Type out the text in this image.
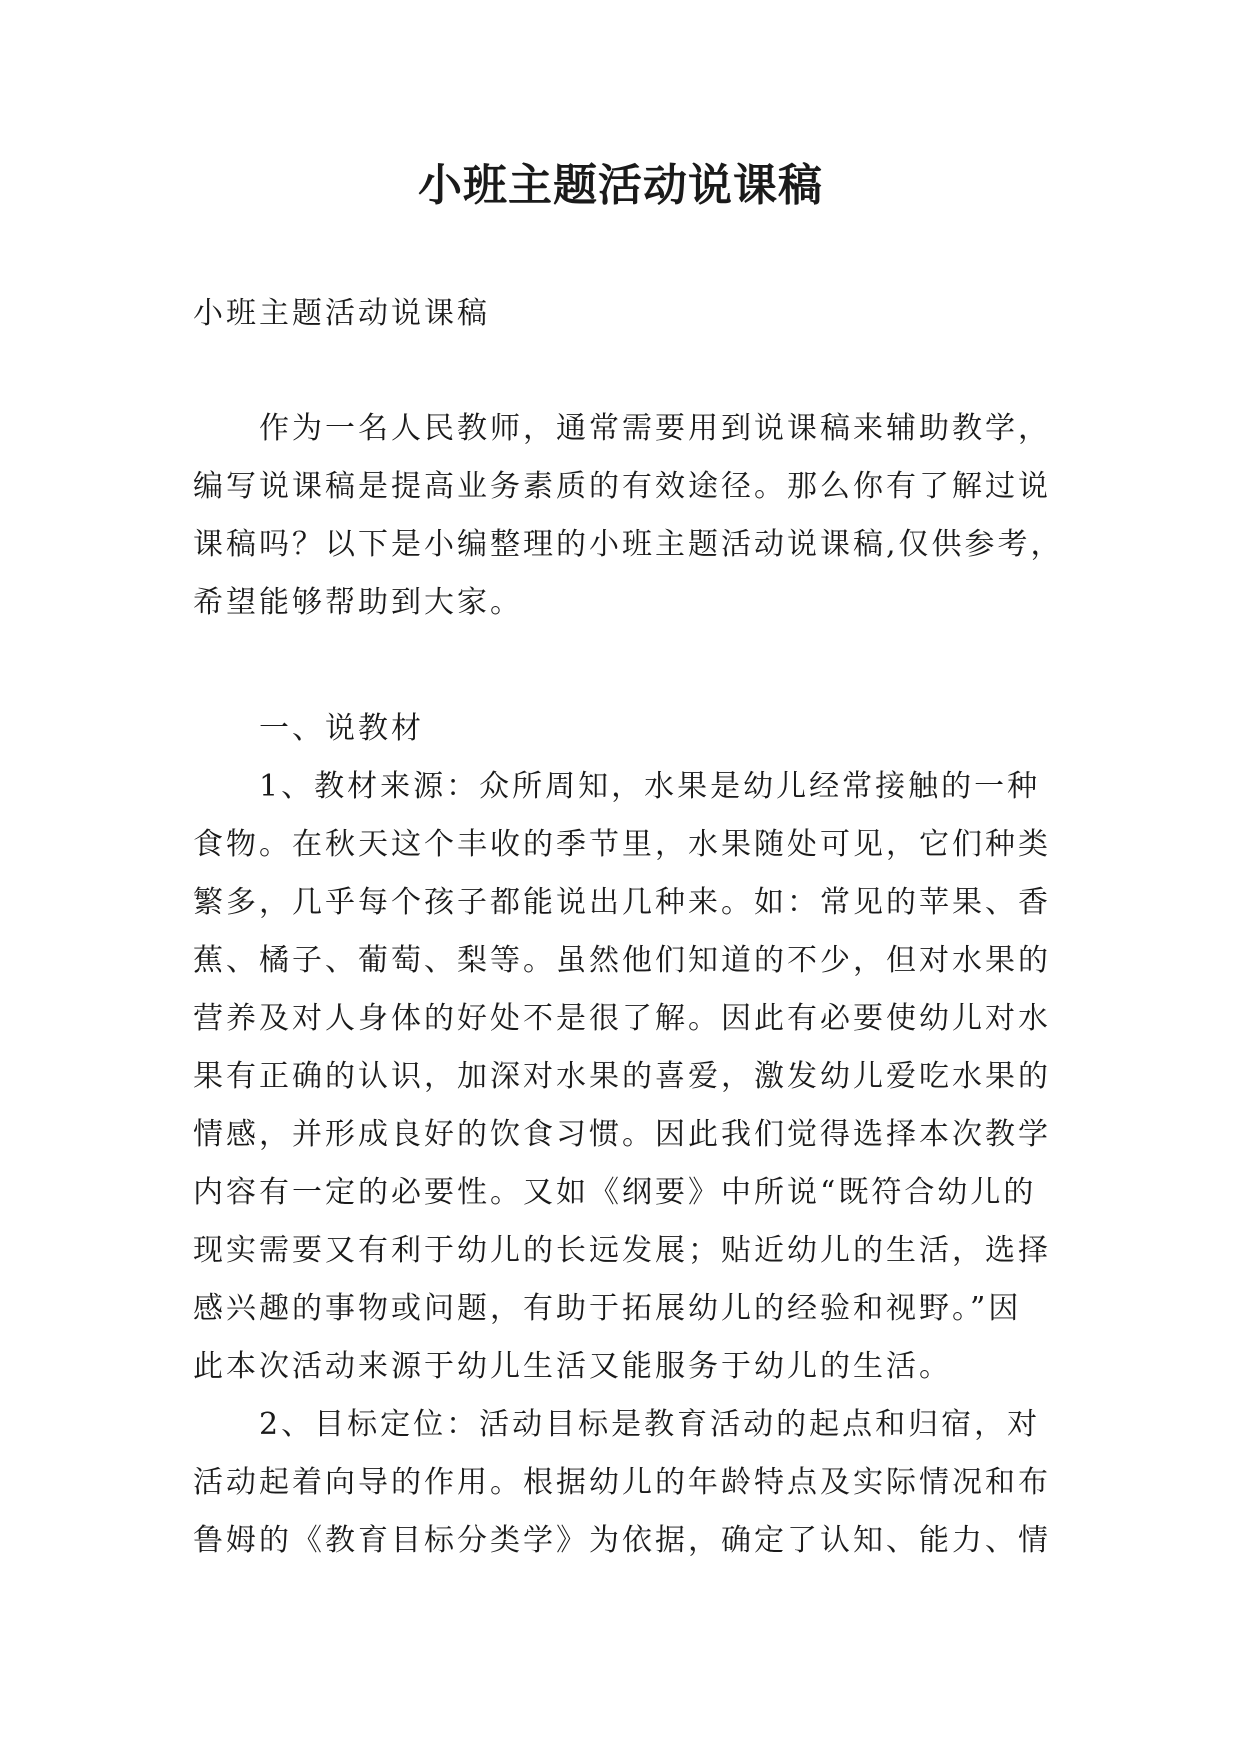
小班主题活动说课稿

小班主题活动说课稿

　　作为一名人民教师，通常需要用到说课稿来辅助教学，
编写说课稿是提高业务素质的有效途径。那么你有了解过说
课稿吗？以下是小编整理的小班主题活动说课稿,仅供参考，
希望能够帮助到大家。

　　一、说教材

　　1、教材来源：众所周知，水果是幼儿经常接触的一种
食物。在秋天这个丰收的季节里，水果随处可见，它们种类
繁多，几乎每个孩子都能说出几种来。如：常见的苹果、香
蕉、橘子、葡萄、梨等。虽然他们知道的不少，但对水果的
营养及对人身体的好处不是很了解。因此有必要使幼儿对水
果有正确的认识，加深对水果的喜爱，激发幼儿爱吃水果的
情感，并形成良好的饮食习惯。因此我们觉得选择本次教学
内容有一定的必要性。又如《纲要》中所说“既符合幼儿的
现实需要又有利于幼儿的长远发展；贴近幼儿的生活，选择
感兴趣的事物或问题，有助于拓展幼儿的经验和视野。”因
此本次活动来源于幼儿生活又能服务于幼儿的生活。
　　2、目标定位：活动目标是教育活动的起点和归宿，对
活动起着向导的作用。根据幼儿的年龄特点及实际情况和布
鲁姆的《教育目标分类学》为依据，确定了认知、能力、情
